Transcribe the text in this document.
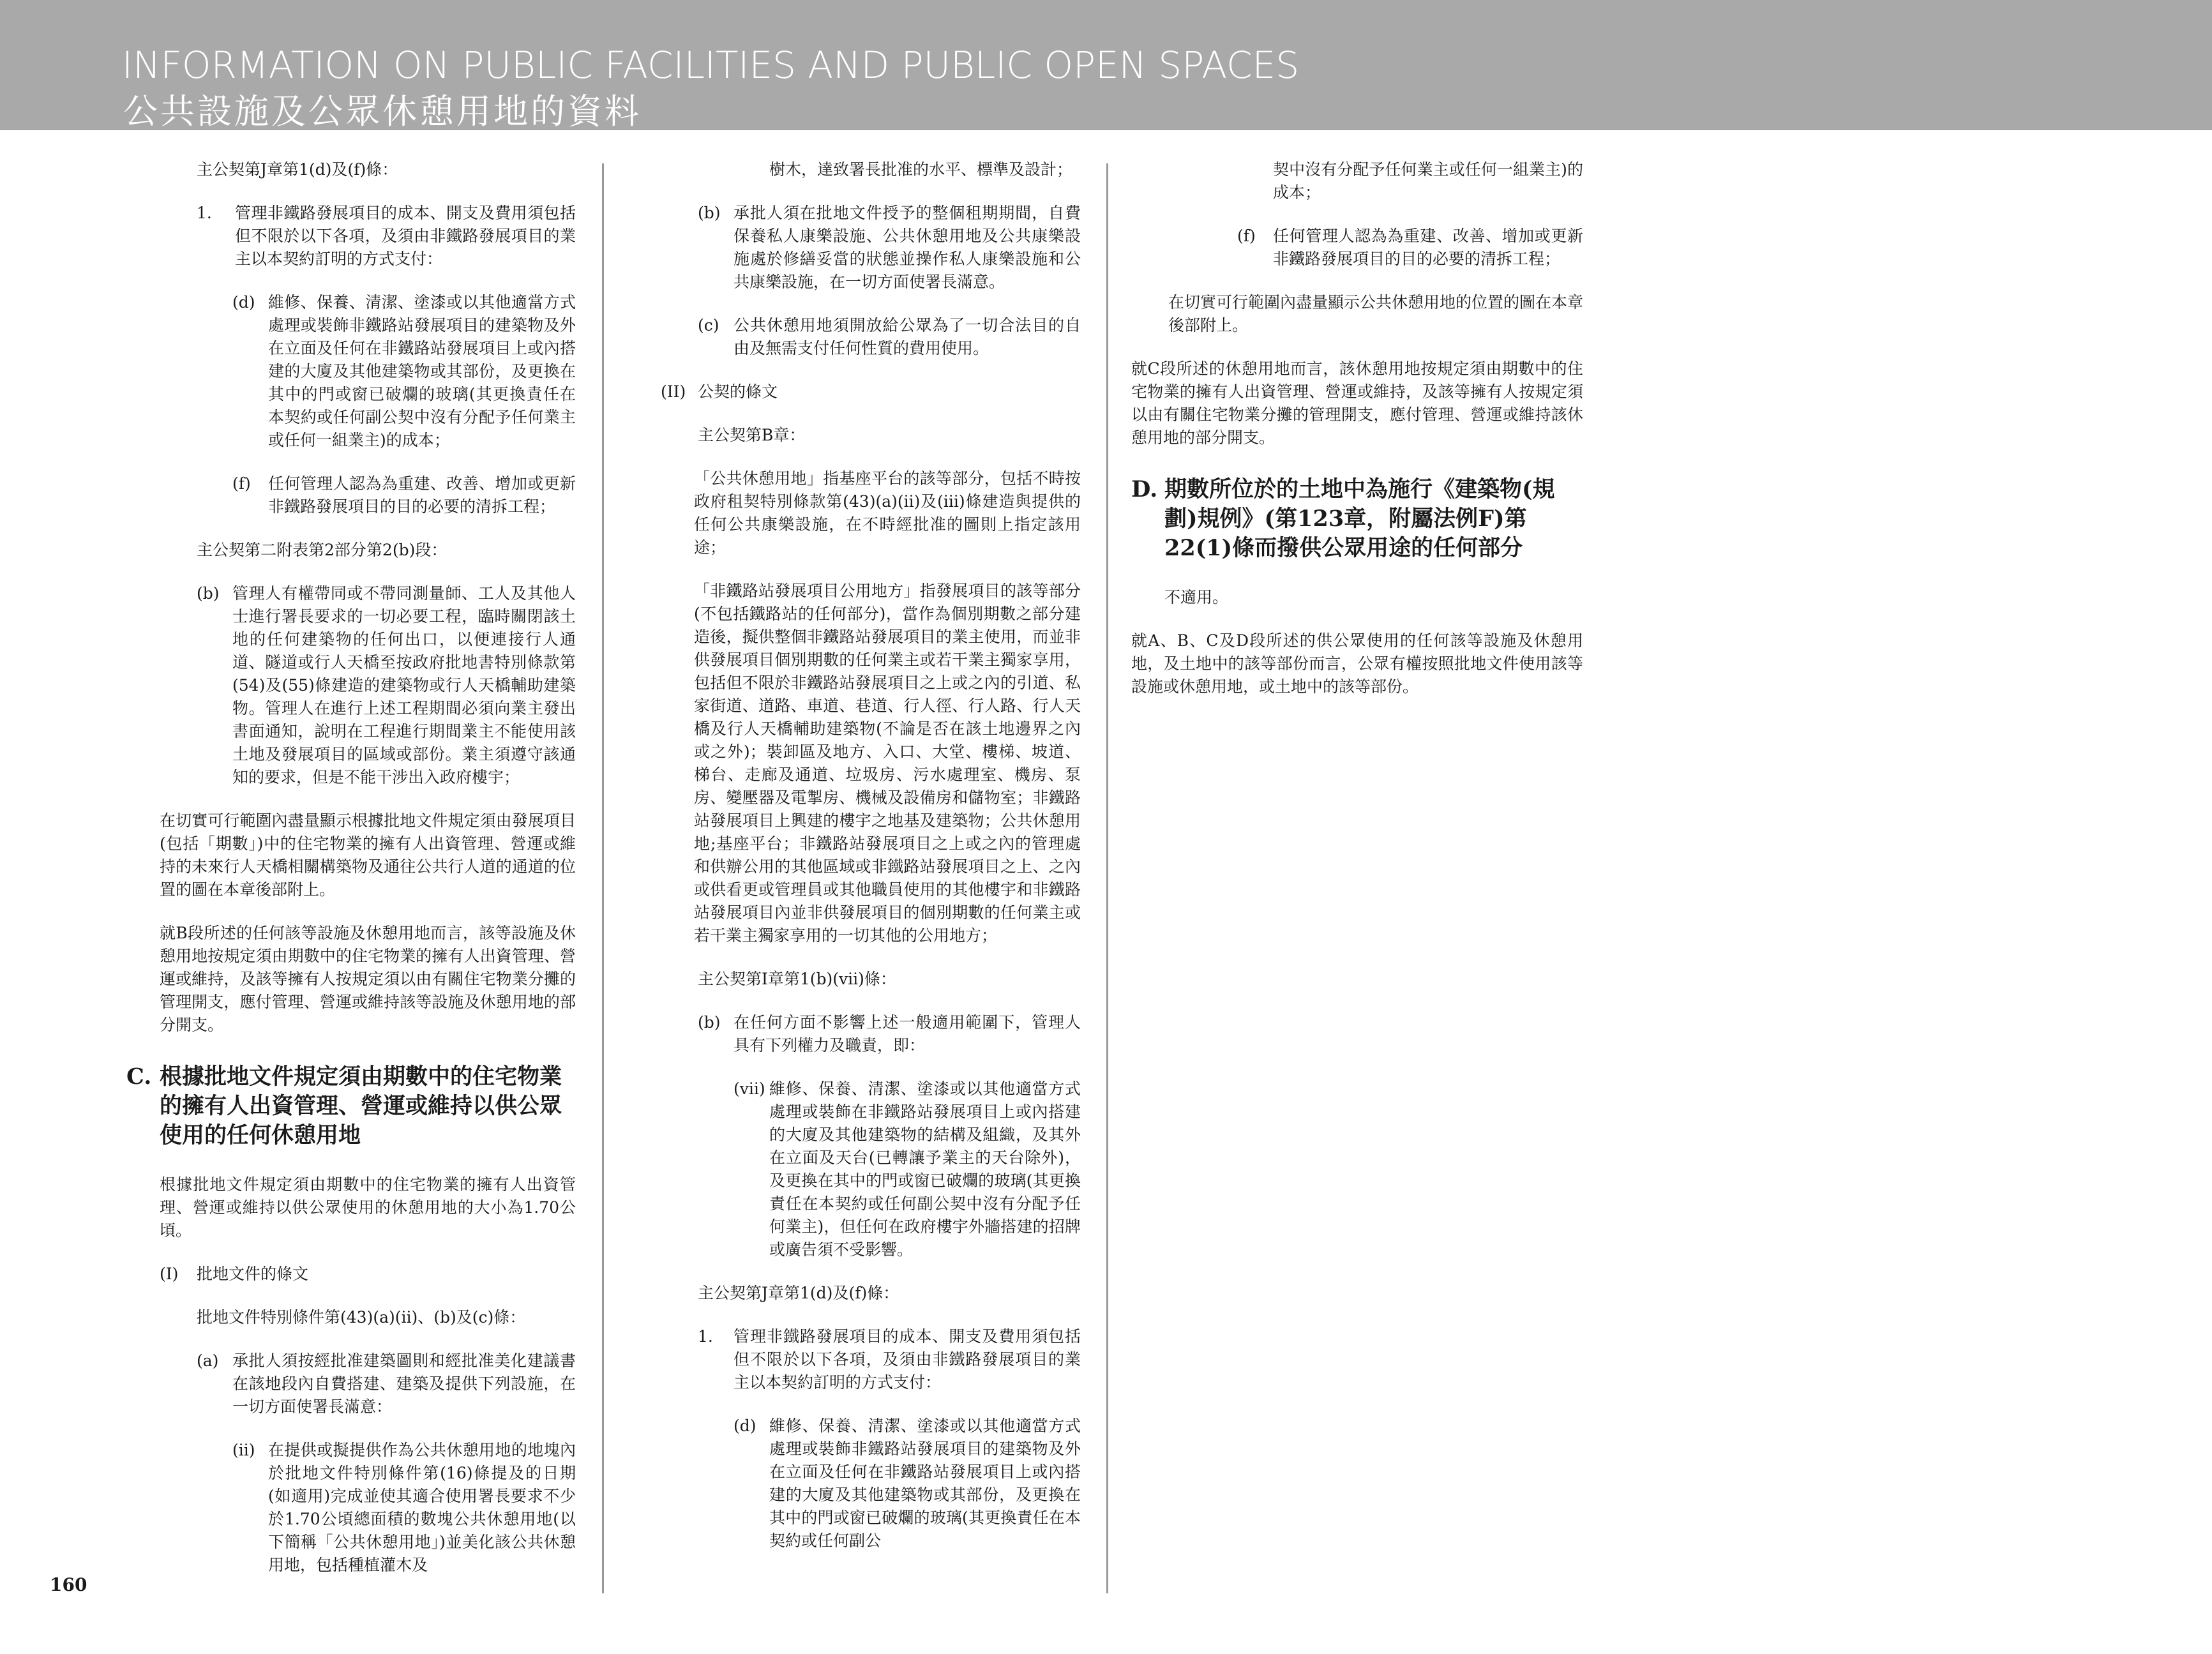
INFORMATION ON PUBLIC FACILITIES AND PUBLIC OPEN SPACES
公共設施及公眾休憩用地的資料

主公契第J章第1(d)及(f)條：

1. 管理非鐵路發展項目的成本、開支及費用須包括但不限於以下各項，及須由非鐵路發展項目的業主以本契約訂明的方式支付：
(d) 維修、保養、清潔、塗漆或以其他適當方式處理或裝飾非鐵路站發展項目的建築物及外在立面及任何在非鐵路站發展項目上或內搭建的大廈及其他建築物或其部份，及更換在其中的門或窗已破爛的玻璃(其更換責任在本契約或任何副公契中沒有分配予任何業主或任何一組業主)的成本；
(f) 任何管理人認為為重建、改善、增加或更新非鐵路發展項目的目的必要的清拆工程；

主公契第二附表第2部分第2(b)段：

(b) 管理人有權帶同或不帶同測量師、工人及其他人士進行署長要求的一切必要工程，臨時關閉該土地的任何建築物的任何出口，以便連接行人通道、隧道或行人天橋至按政府批地書特別條款第(54)及(55)條建造的建築物或行人天橋輔助建築物。管理人在進行上述工程期間必須向業主發出書面通知，說明在工程進行期間業主不能使用該土地及發展項目的區域或部份。業主須遵守該通知的要求，但是不能干涉出入政府樓宇；

在切實可行範圍內盡量顯示根據批地文件規定須由發展項目(包括「期數」)中的住宅物業的擁有人出資管理、營運或維持的未來行人天橋相關構築物及通往公共行人道的通道的位置的圖在本章後部附上。

就B段所述的任何該等設施及休憩用地而言，該等設施及休憩用地按規定須由期數中的住宅物業的擁有人出資管理、營運或維持，及該等擁有人按規定須以由有關住宅物業分攤的管理開支，應付管理、營運或維持該等設施及休憩用地的部分開支。

C. 根據批地文件規定須由期數中的住宅物業的擁有人出資管理、營運或維持以供公眾使用的任何休憩用地

根據批地文件規定須由期數中的住宅物業的擁有人出資管理、營運或維持以供公眾使用的休憩用地的大小為1.70公頃。

(I) 批地文件的條文

批地文件特別條件第(43)(a)(ii)、(b)及(c)條：

(a) 承批人須按經批准建築圖則和經批准美化建議書在該地段內自費搭建、建築及提供下列設施，在一切方面使署長滿意：
(ii) 在提供或擬提供作為公共休憩用地的地塊內於批地文件特別條件第(16)條提及的日期(如適用)完成並使其適合使用署長要求不少於1.70公頃總面積的數塊公共休憩用地(以下簡稱「公共休憩用地」)並美化該公共休憩用地，包括種植灌木及
樹木，達致署長批准的水平、標準及設計；
(b) 承批人須在批地文件授予的整個租期期間，自費保養私人康樂設施、公共休憩用地及公共康樂設施處於修繕妥當的狀態並操作私人康樂設施和公共康樂設施，在一切方面使署長滿意。
(c) 公共休憩用地須開放給公眾為了一切合法目的自由及無需支付任何性質的費用使用。
(II) 公契的條文

主公契第B章：

「公共休憩用地」指基座平台的該等部分，包括不時按政府租契特別條款第(43)(a)(ii)及(iii)條建造與提供的任何公共康樂設施，在不時經批准的圖則上指定該用途；

「非鐵路站發展項目公用地方」指發展項目的該等部分(不包括鐵路站的任何部分)，當作為個別期數之部分建造後，擬供整個非鐵路站發展項目的業主使用，而並非供發展項目個別期數的任何業主或若干業主獨家享用，包括但不限於非鐵路站發展項目之上或之內的引道、私家街道、道路、車道、巷道、行人徑、行人路、行人天橋及行人天橋輔助建築物(不論是否在該土地邊界之內或之外)；裝卸區及地方、入口、大堂、樓梯、坡道、梯台、走廊及通道、垃圾房、污水處理室、機房、泵房、變壓器及電掣房、機械及設備房和儲物室；非鐵路站發展項目上興建的樓宇之地基及建築物；公共休憩用地;基座平台；非鐵路站發展項目之上或之內的管理處和供辦公用的其他區域或非鐵路站發展項目之上、之內或供看更或管理員或其他職員使用的其他樓宇和非鐵路站發展項目內並非供發展項目的個別期數的任何業主或若干業主獨家享用的一切其他的公用地方；

主公契第I章第1(b)(vii)條：

(b) 在任何方面不影響上述一般適用範圍下，管理人具有下列權力及職責，即：
(vii) 維修、保養、清潔、塗漆或以其他適當方式處理或裝飾在非鐵路站發展項目上或內搭建的大廈及其他建築物的結構及組織，及其外在立面及天台(已轉讓予業主的天台除外)，及更換在其中的門或窗已破爛的玻璃(其更換責任在本契約或任何副公契中沒有分配予任何業主)，但任何在政府樓宇外牆搭建的招牌或廣告須不受影響。

主公契第J章第1(d)及(f)條：

1. 管理非鐵路發展項目的成本、開支及費用須包括但不限於以下各項，及須由非鐵路發展項目的業主以本契約訂明的方式支付：
(d) 維修、保養、清潔、塗漆或以其他適當方式處理或裝飾非鐵路站發展項目的建築物及外在立面及任何在非鐵路站發展項目上或內搭建的大廈及其他建築物或其部份，及更換在其中的門或窗已破爛的玻璃(其更換責任在本契約或任何副公
契中沒有分配予任何業主或任何一組業主)的成本；
(f) 任何管理人認為為重建、改善、增加或更新非鐵路發展項目的目的必要的清拆工程；

在切實可行範圍內盡量顯示公共休憩用地的位置的圖在本章後部附上。

就C段所述的休憩用地而言，該休憩用地按規定須由期數中的住宅物業的擁有人出資管理、營運或維持，及該等擁有人按規定須以由有關住宅物業分攤的管理開支，應付管理、營運或維持該休憩用地的部分開支。

D. 期數所位於的土地中為施行《建築物(規劃)規例》(第123章，附屬法例F)第22(1)條而撥供公眾用途的任何部分

不適用。

就A、B、C及D段所述的供公眾使用的任何該等設施及休憩用地，及土地中的該等部份而言，公眾有權按照批地文件使用該等設施或休憩用地，或土地中的該等部份。

160
